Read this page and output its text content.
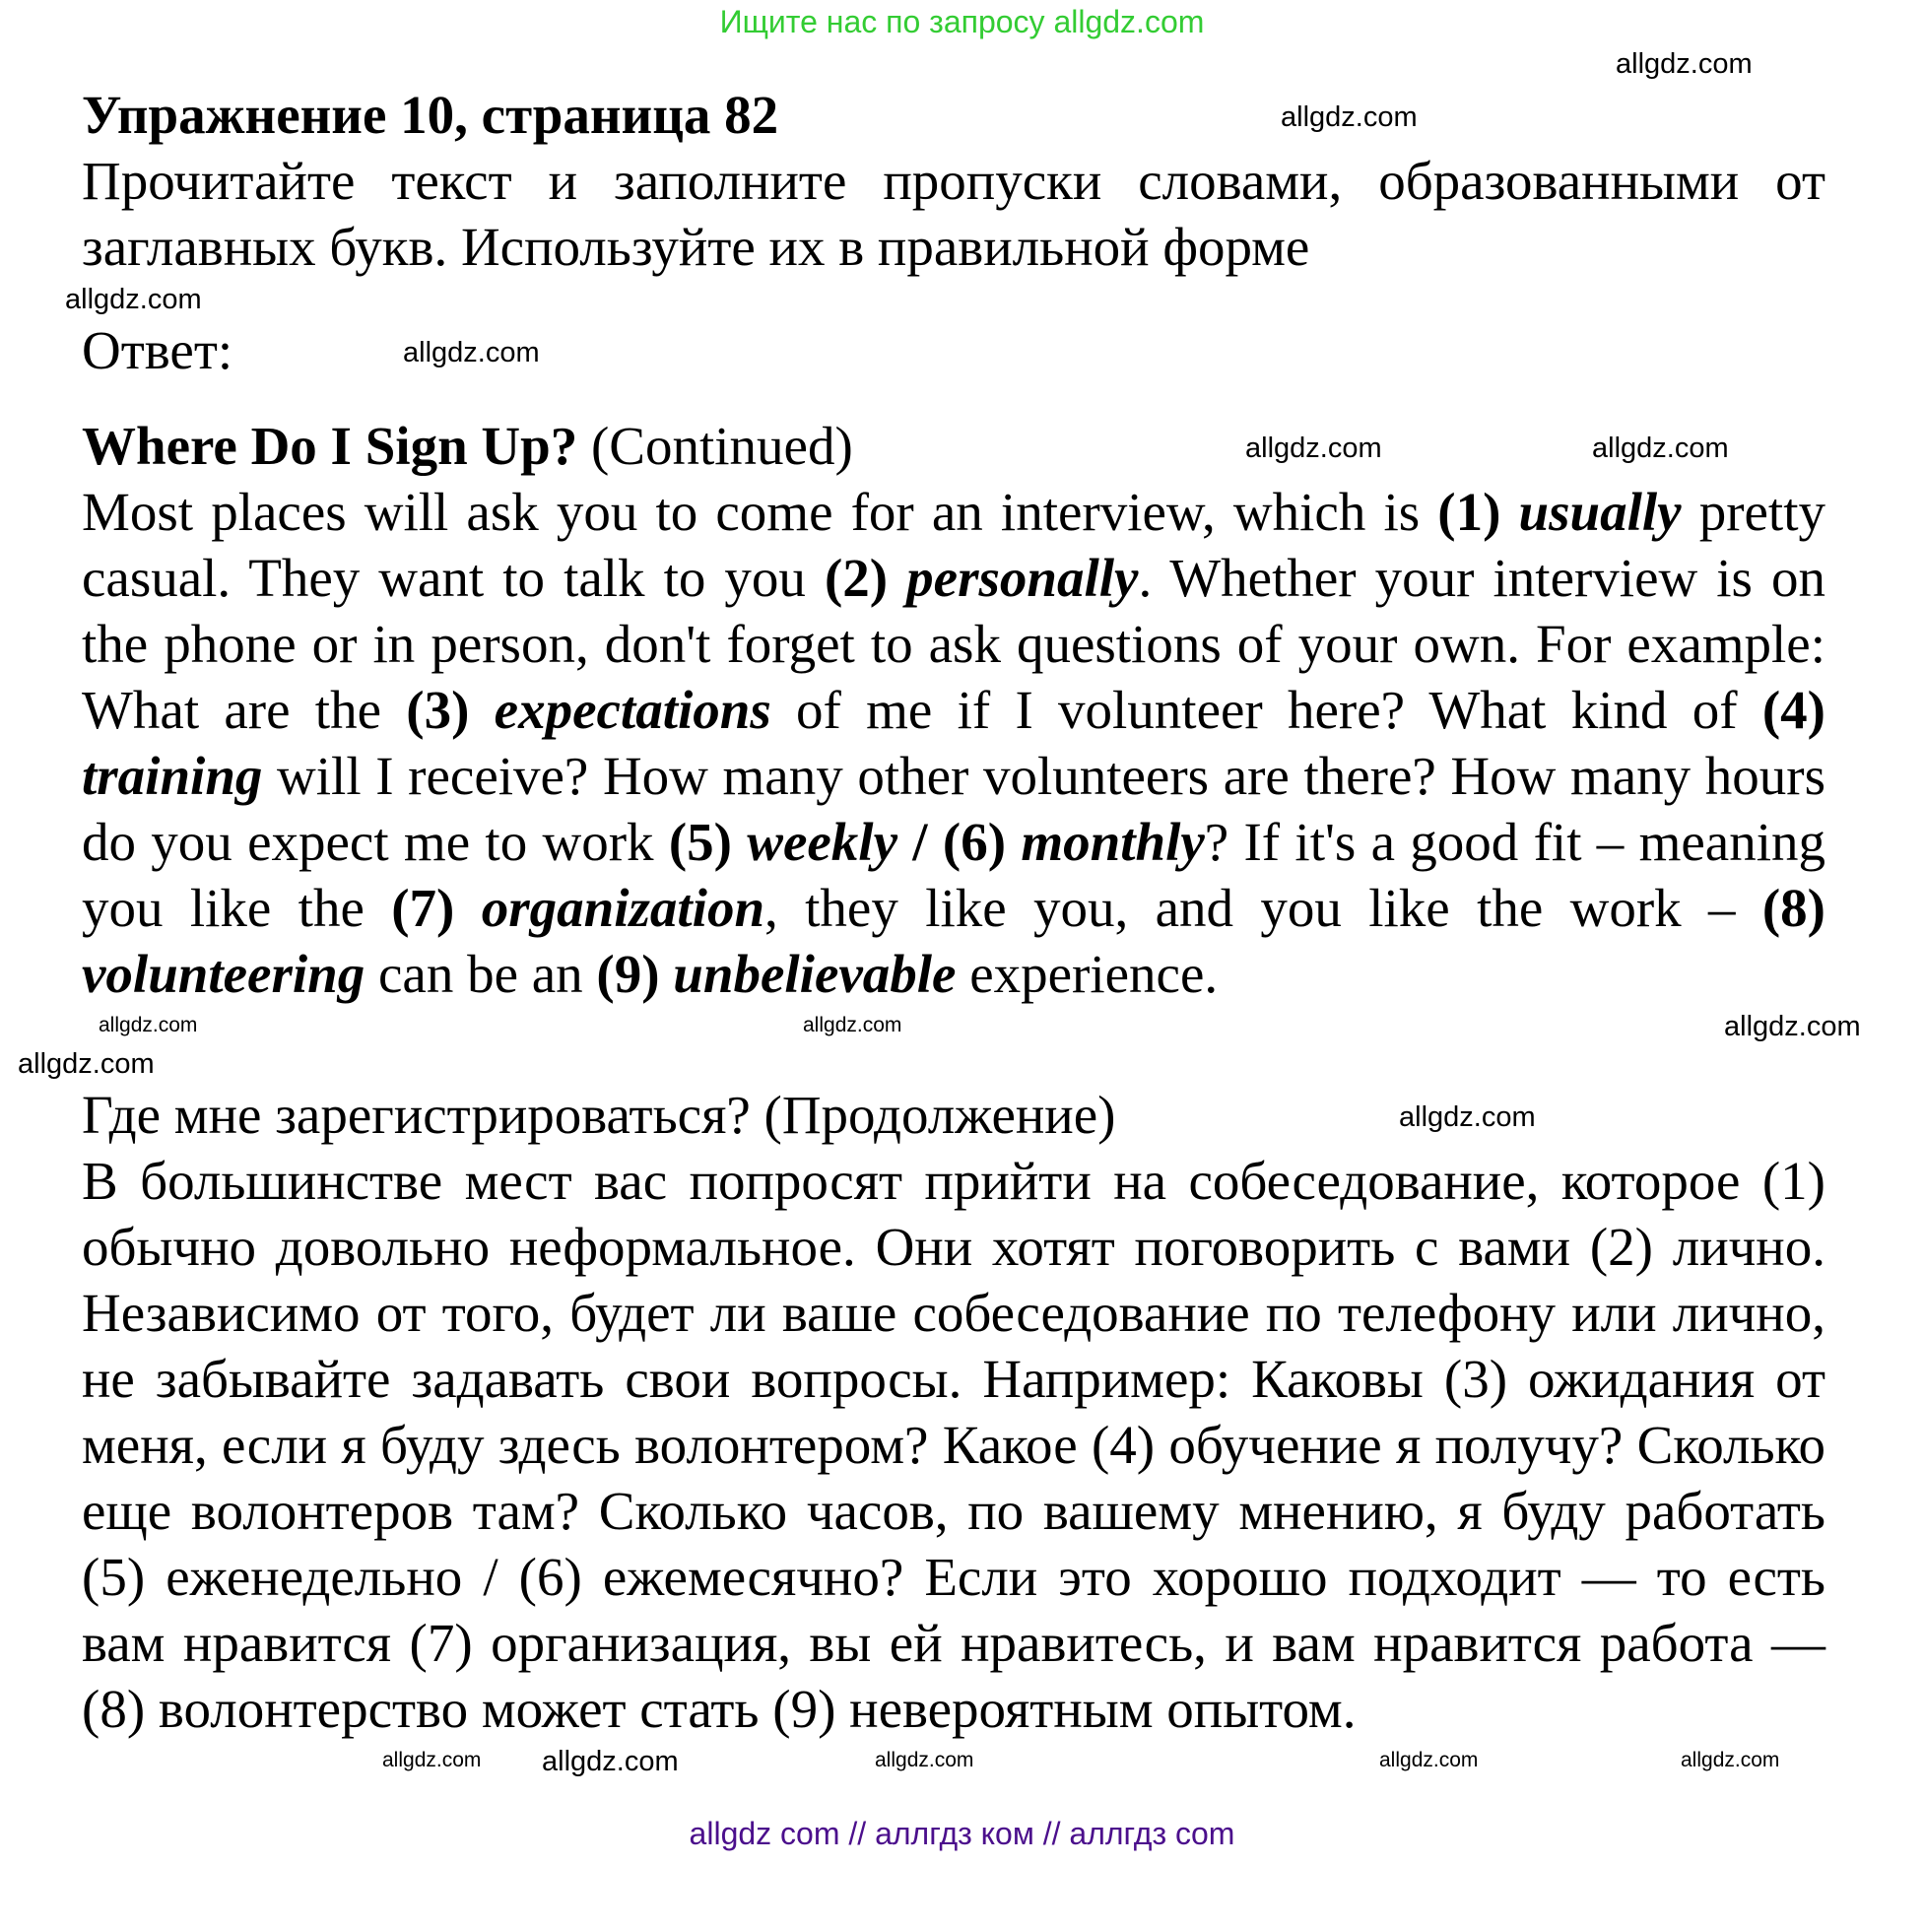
Ищите нас по запросу allgdz.com
allgdz.com
Упражнение 10, страница 82	allgdz.com
Прочитайте текст и заполните пропуски словами, образованными от заглавных букв. Используйте их в правильной форме
allgdz.com
Ответ:	allgdz.com
Where Do I Sign Up? (Continued)	allgdz.com	allgdz.com
Most places will ask you to come for an interview, which is (1) usually pretty casual. They want to talk to you (2) personally. Whether your interview is on the phone or in person, don't forget to ask questions of your own. For example: What are the (3) expectations of me if I volunteer here? What kind of (4) training will I receive? How many other volunteers are there? How many hours do you expect me to work (5) weekly / (6) monthly? If it's a good fit – meaning you like the (7) organization, they like you, and you like the work – (8) volunteering can be an (9) unbelievable experience.
allgdz.com	allgdz.com	allgdz.com
allgdz.com
Где мне зарегистрироваться? (Продолжение)	allgdz.com
В большинстве мест вас попросят прийти на собеседование, которое (1) обычно довольно неформальное. Они хотят поговорить с вами (2) лично. Независимо от того, будет ли ваше собеседование по телефону или лично, не забывайте задавать свои вопросы. Например: Каковы (3) ожидания от меня, если я буду здесь волонтером? Какое (4) обучение я получу? Сколько еще волонтеров там? Сколько часов, по вашему мнению, я буду работать (5) еженедельно / (6) ежемесячно? Если это хорошо подходит — то есть вам нравится (7) организация, вы ей нравитесь, и вам нравится работа — (8) волонтерство может стать (9) невероятным опытом.
allgdz.com allgdz.com	allgdz.com	allgdz.com	allgdz.com
allgdz com // аллгдз ком // аллгдз com
